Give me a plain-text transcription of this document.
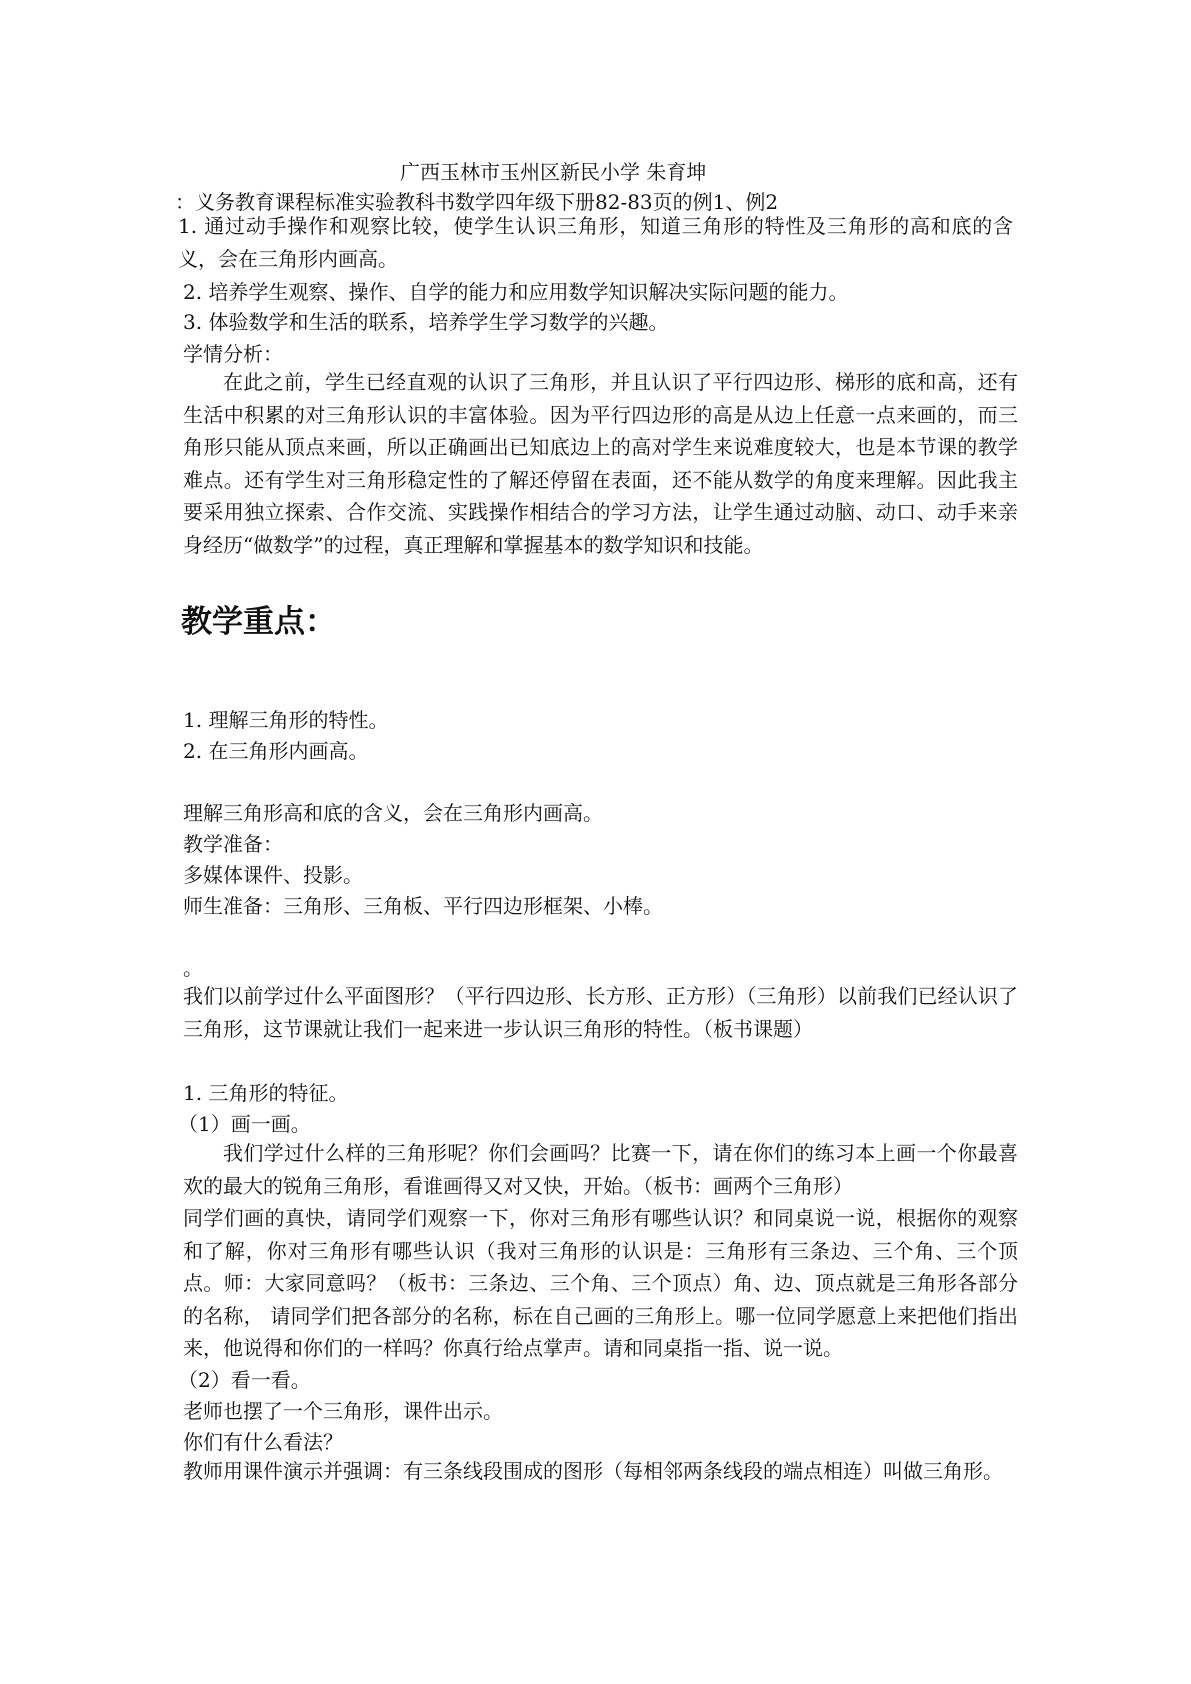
广西玉林市玉州区新民小学 朱育坤

：义务教育课程标准实验教科书数学四年级下册82-83页的例1、例2

1. 通过动手操作和观察比较，使学生认识三角形，知道三角形的特性及三角形的高和底的含义，会在三角形内画高。

2. 培养学生观察、操作、自学的能力和应用数学知识解决实际问题的能力。

3. 体验数学和生活的联系，培养学生学习数学的兴趣。

学情分析：

在此之前，学生已经直观的认识了三角形，并且认识了平行四边形、梯形的底和高，还有生活中积累的对三角形认识的丰富体验。因为平行四边形的高是从边上任意一点来画的，而三角形只能从顶点来画，所以正确画出已知底边上的高对学生来说难度较大，也是本节课的教学难点。还有学生对三角形稳定性的了解还停留在表面，还不能从数学的角度来理解。因此我主要采用独立探索、合作交流、实践操作相结合的学习方法，让学生通过动脑、动口、动手来亲身经历“做数学”的过程，真正理解和掌握基本的数学知识和技能。

教学重点：

1. 理解三角形的特性。

2. 在三角形内画高。

理解三角形高和底的含义，会在三角形内画高。

教学准备：

多媒体课件、投影。

师生准备：三角形、三角板、平行四边形框架、小棒。

。

我们以前学过什么平面图形？（平行四边形、长方形、正方形）（三角形）以前我们已经认识了三角形，这节课就让我们一起来进一步认识三角形的特性。（板书课题）

1. 三角形的特征。

（1）画一画。

我们学过什么样的三角形呢？你们会画吗？比赛一下，请在你们的练习本上画一个你最喜欢的最大的锐角三角形，看谁画得又对又快，开始。（板书：画两个三角形）

同学们画的真快，请同学们观察一下，你对三角形有哪些认识？和同桌说一说，根据你的观察和了解，你对三角形有哪些认识（我对三角形的认识是：三角形有三条边、三个角、三个顶点。师：大家同意吗？（板书：三条边、三个角、三个顶点）角、边、顶点就是三角形各部分的名称， 请同学们把各部分的名称，标在自己画的三角形上。哪一位同学愿意上来把他们指出来，他说得和你们的一样吗？你真行给点掌声。请和同桌指一指、说一说。

（2）看一看。

老师也摆了一个三角形，课件出示。

你们有什么看法？

教师用课件演示并强调：有三条线段围成的图形（每相邻两条线段的端点相连）叫做三角形。
